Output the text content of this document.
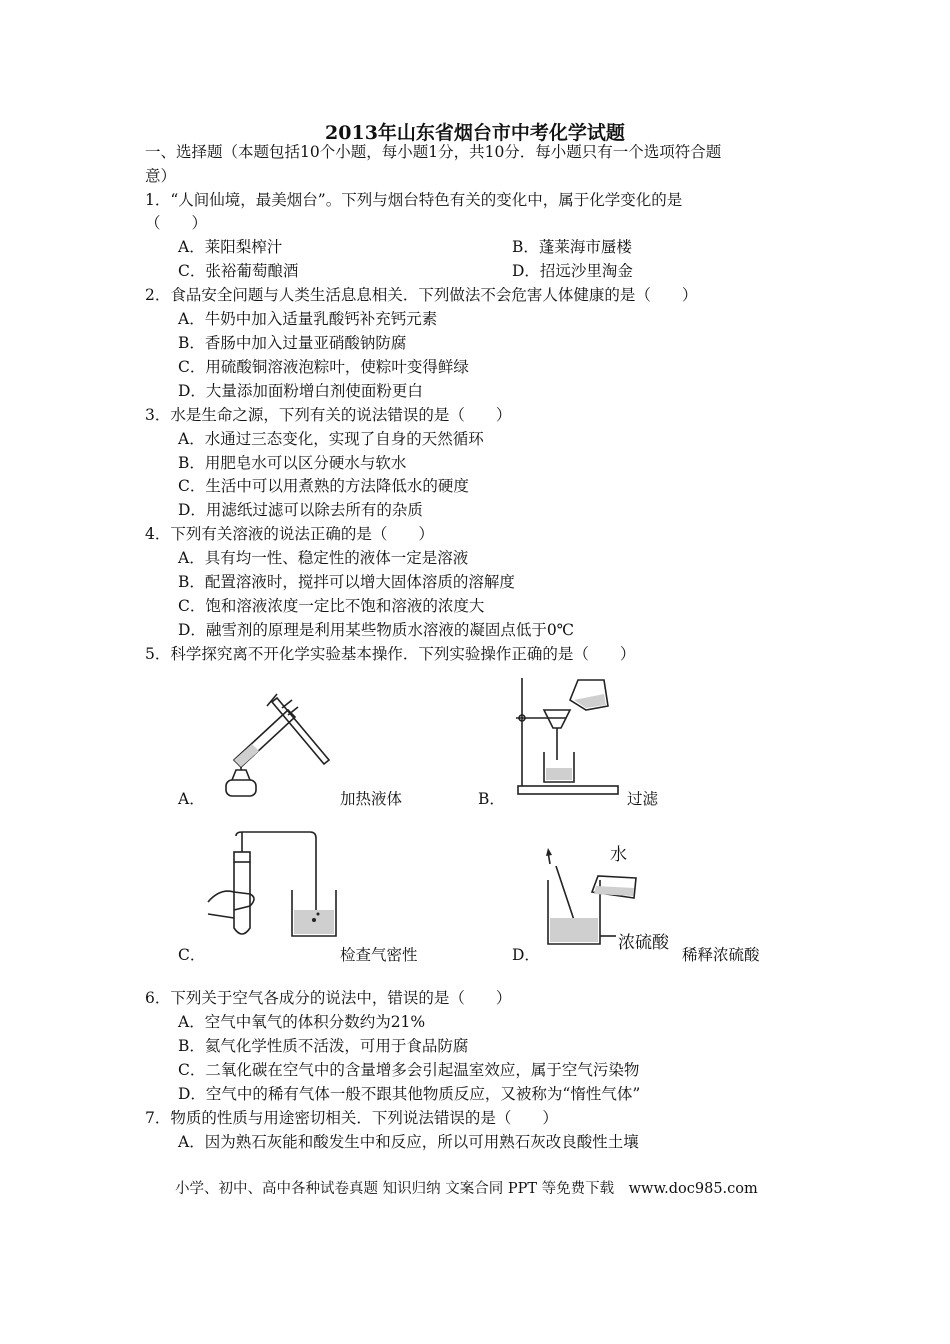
2013年山东省烟台市中考化学试题
一、选择题（本题包括10个小题，每小题1分，共10分．每小题只有一个选项符合题
意）
1．“人间仙境，最美烟台”。下列与烟台特色有关的变化中，属于化学变化的是
（　　）
A．莱阳梨榨汁	B．蓬莱海市蜃楼
C．张裕葡萄酿酒	D．招远沙里淘金
2．食品安全问题与人类生活息息相关．下列做法不会危害人体健康的是（　　）
A．牛奶中加入适量乳酸钙补充钙元素
B．香肠中加入过量亚硝酸钠防腐
C．用硫酸铜溶液泡粽叶，使粽叶变得鲜绿
D．大量添加面粉增白剂使面粉更白
3．水是生命之源，下列有关的说法错误的是（　　）
A．水通过三态变化，实现了自身的天然循环
B．用肥皂水可以区分硬水与软水
C．生活中可以用煮熟的方法降低水的硬度
D．用滤纸过滤可以除去所有的杂质
4．下列有关溶液的说法正确的是（　　）
A．具有均一性、稳定性的液体一定是溶液
B．配置溶液时，搅拌可以增大固体溶质的溶解度
C．饱和溶液浓度一定比不饱和溶液的浓度大
D．融雪剂的原理是利用某些物质水溶液的凝固点低于0℃
5．科学探究离不开化学实验基本操作．下列实验操作正确的是（　　）
A．	加热液体	B．	过滤
C．	检查气密性
水
浓硫酸
D．	稀释浓硫酸
6．下列关于空气各成分的说法中，错误的是（　　）
A．空气中氧气的体积分数约为21%
B．氦气化学性质不活泼，可用于食品防腐
C．二氧化碳在空气中的含量增多会引起温室效应，属于空气污染物
D．空气中的稀有气体一般不跟其他物质反应，又被称为“惰性气体”
7．物质的性质与用途密切相关．下列说法错误的是（　　）
A．因为熟石灰能和酸发生中和反应，所以可用熟石灰改良酸性土壤
小学、初中、高中各种试卷真题 知识归纳 文案合同 PPT 等免费下载　www.doc985.com
